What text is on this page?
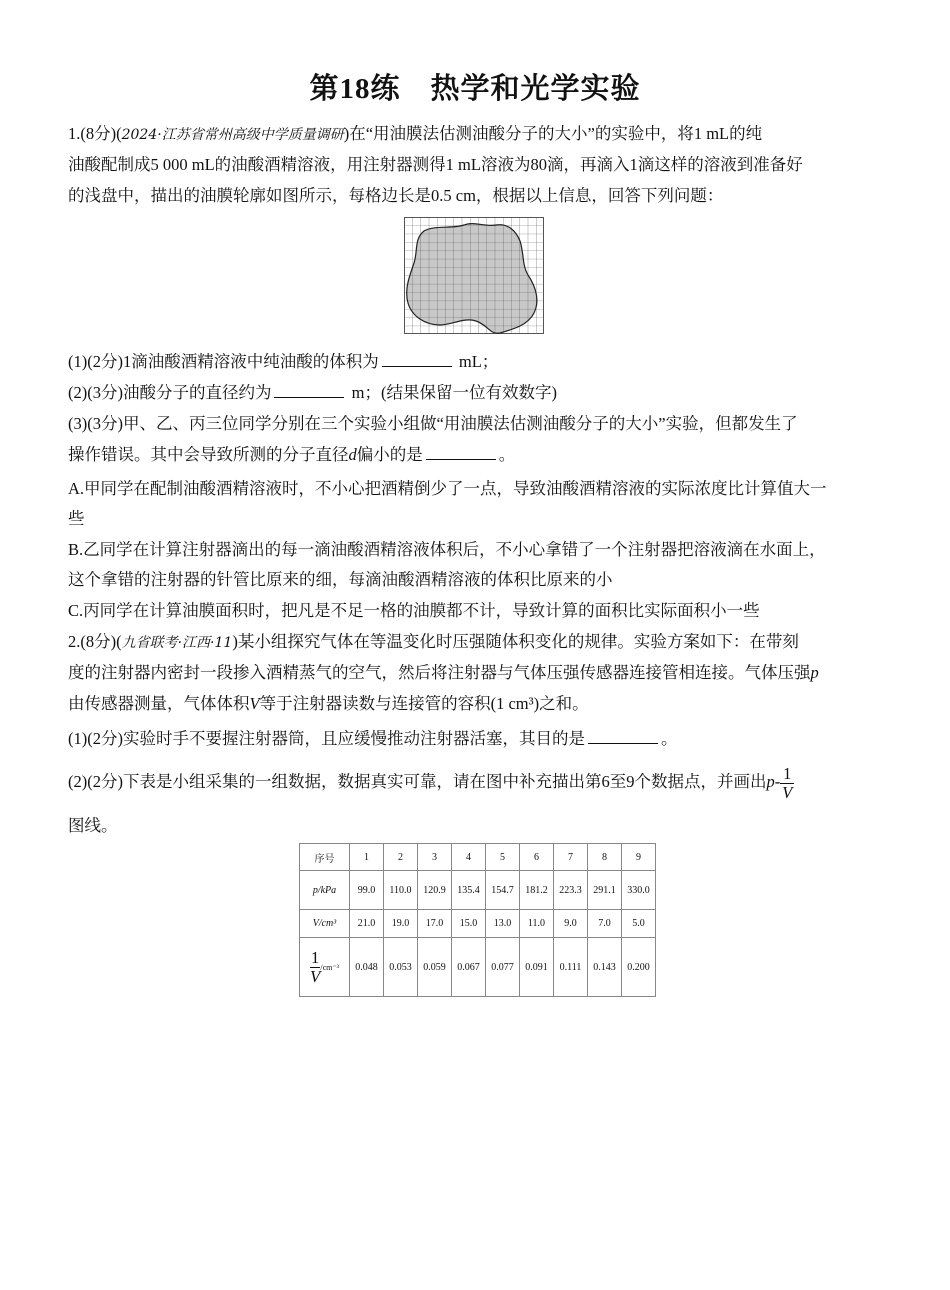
第18练　热学和光学实验
1.(8分)(2024·江苏省常州高级中学质量调研)在“用油膜法估测油酸分子的大小”的实验中，将1 mL的纯
油酸配制成5 000 mL的油酸酒精溶液，用注射器测得1 mL溶液为80滴，再滴入1滴这样的溶液到准备好
的浅盘中，描出的油膜轮廓如图所示，每格边长是0.5 cm，根据以上信息，回答下列问题：
(1)(2分)1滴油酸酒精溶液中纯油酸的体积为	mL；
(2)(3分)油酸分子的直径约为	m；(结果保留一位有效数字)
(3)(3分)甲、乙、丙三位同学分别在三个实验小组做“用油膜法估测油酸分子的大小”实验，但都发生了
操作错误。其中会导致所测的分子直径d偏小的是	。
A.甲同学在配制油酸酒精溶液时，不小心把酒精倒少了一点，导致油酸酒精溶液的实际浓度比计算值大一
些
B.乙同学在计算注射器滴出的每一滴油酸酒精溶液体积后，不小心拿错了一个注射器把溶液滴在水面上，
这个拿错的注射器的针管比原来的细，每滴油酸酒精溶液的体积比原来的小
C.丙同学在计算油膜面积时，把凡是不足一格的油膜都不计，导致计算的面积比实际面积小一些
2.(8分)(九省联考·江西·11)某小组探究气体在等温变化时压强随体积变化的规律。实验方案如下：在带刻
度的注射器内密封一段掺入酒精蒸气的空气，然后将注射器与气体压强传感器连接管相连接。气体压强p
由传感器测量，气体体积V等于注射器读数与连接管的容积(1 cm³)之和。
(1)(2分)实验时手不要握注射器筒，且应缓慢推动注射器活塞，其目的是	。
(2)(2分)下表是小组采集的一组数据，数据真实可靠，请在图中补充描出第6至9个数据点，并画出$p- \frac{1}{V}$
图线。
序号	1	2	3	4	5	6	7	8	9
p/kPa	99.0	110.0	120.9	135.4	154.7	181.2	223.3	291.1	330.0
V/cm³	21.0	19.0	17.0	15.0	13.0	11.0	9.0	7.0	5.0

$\frac{1}{V}/cm^{-3}$	0.048	0.053	0.059	0.067	0.077	0.091	0.111	0.143	0.200
